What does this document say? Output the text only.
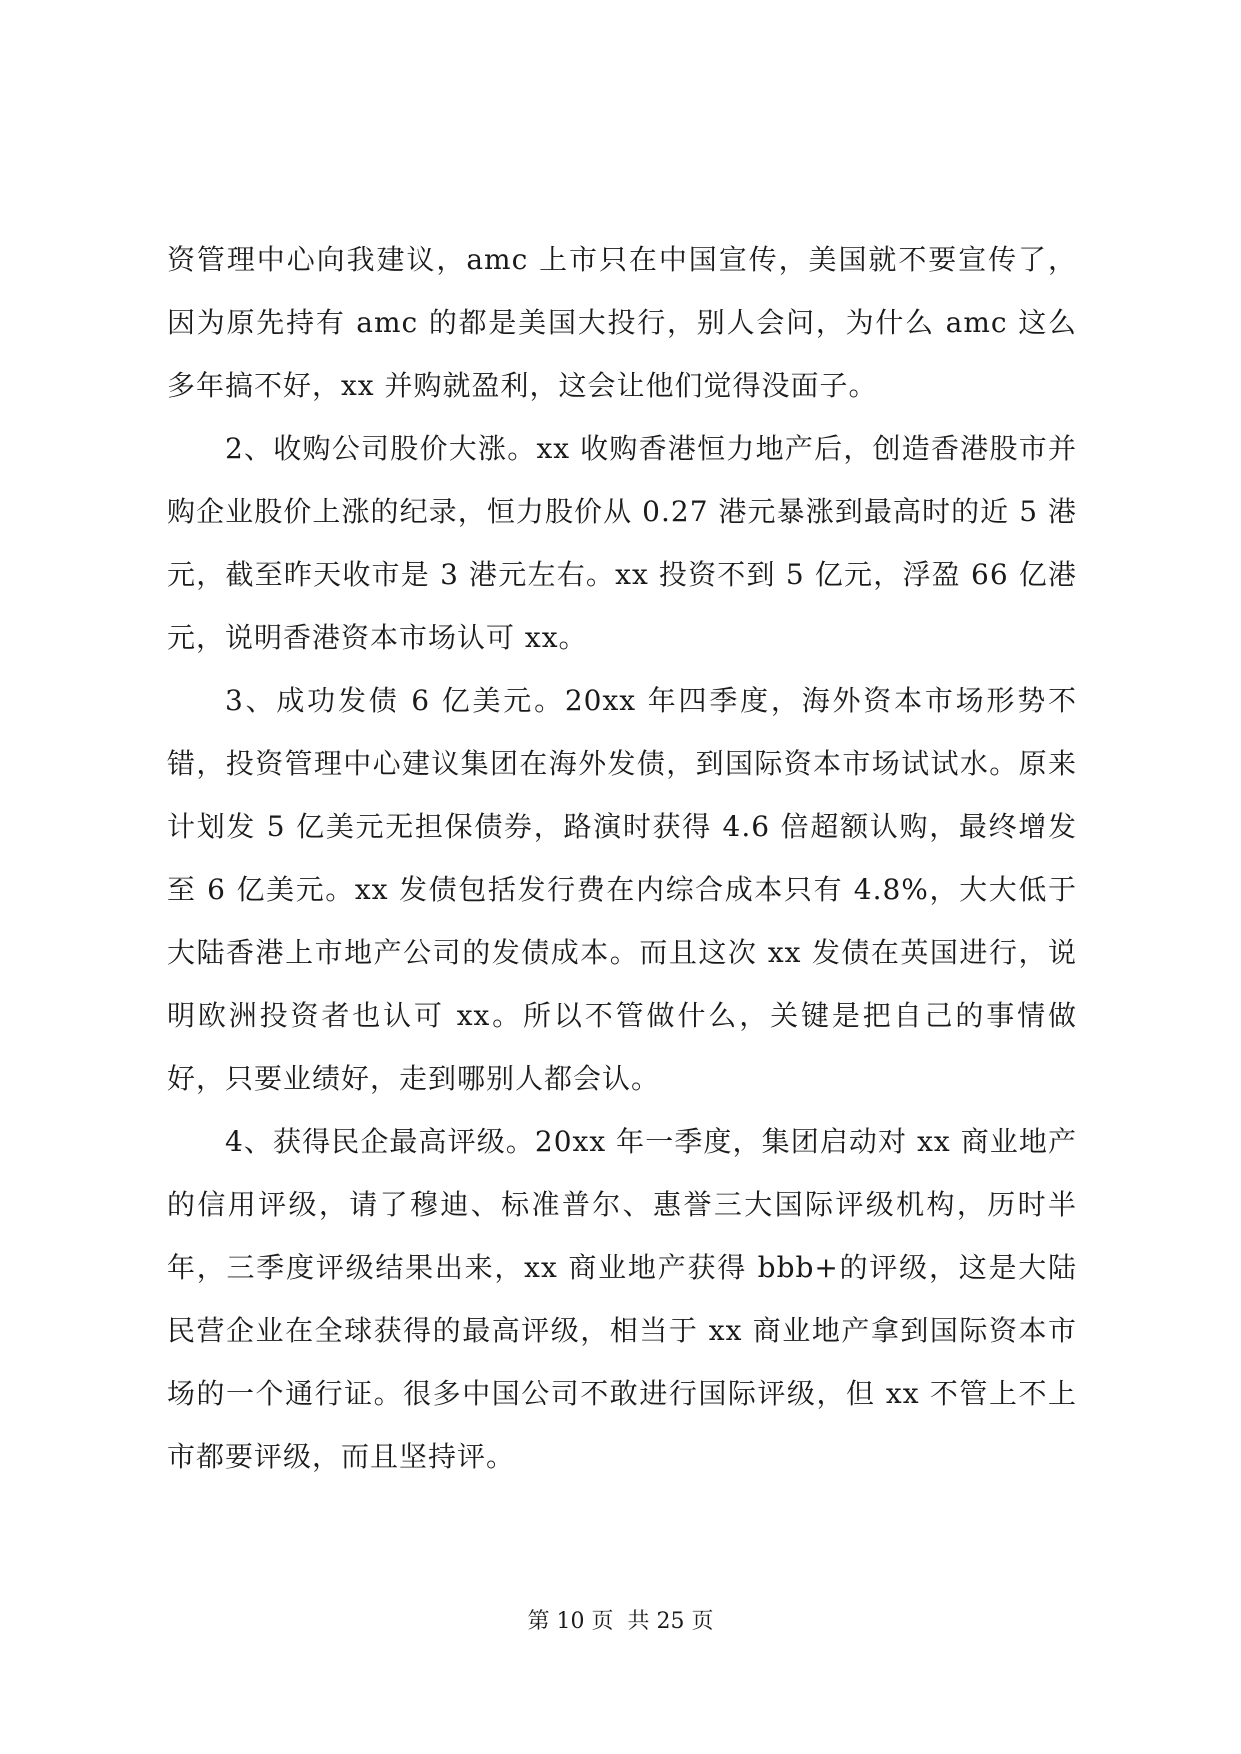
资管理中心向我建议，amc 上市只在中国宣传，美国就不要宣传了，因为原先持有 amc 的都是美国大投行，别人会问，为什么 amc 这么多年搞不好，xx 并购就盈利，这会让他们觉得没面子。

2、收购公司股价大涨。xx 收购香港恒力地产后，创造香港股市并购企业股价上涨的纪录，恒力股价从 0.27 港元暴涨到最高时的近 5 港元，截至昨天收市是 3 港元左右。xx 投资不到 5 亿元，浮盈 66 亿港元，说明香港资本市场认可 xx。

3、成功发债 6 亿美元。20xx 年四季度，海外资本市场形势不错，投资管理中心建议集团在海外发债，到国际资本市场试试水。原来计划发 5 亿美元无担保债券，路演时获得 4.6 倍超额认购，最终增发至 6 亿美元。xx 发债包括发行费在内综合成本只有 4.8%，大大低于大陆香港上市地产公司的发债成本。而且这次 xx 发债在英国进行，说明欧洲投资者也认可 xx。所以不管做什么，关键是把自己的事情做好，只要业绩好，走到哪别人都会认。

4、获得民企最高评级。20xx 年一季度，集团启动对 xx 商业地产的信用评级，请了穆迪、标准普尔、惠誉三大国际评级机构，历时半年，三季度评级结果出来，xx 商业地产获得 bbb+的评级，这是大陆民营企业在全球获得的最高评级，相当于 xx 商业地产拿到国际资本市场的一个通行证。很多中国公司不敢进行国际评级，但 xx 不管上不上市都要评级，而且坚持评。

第 10 页  共 25 页
